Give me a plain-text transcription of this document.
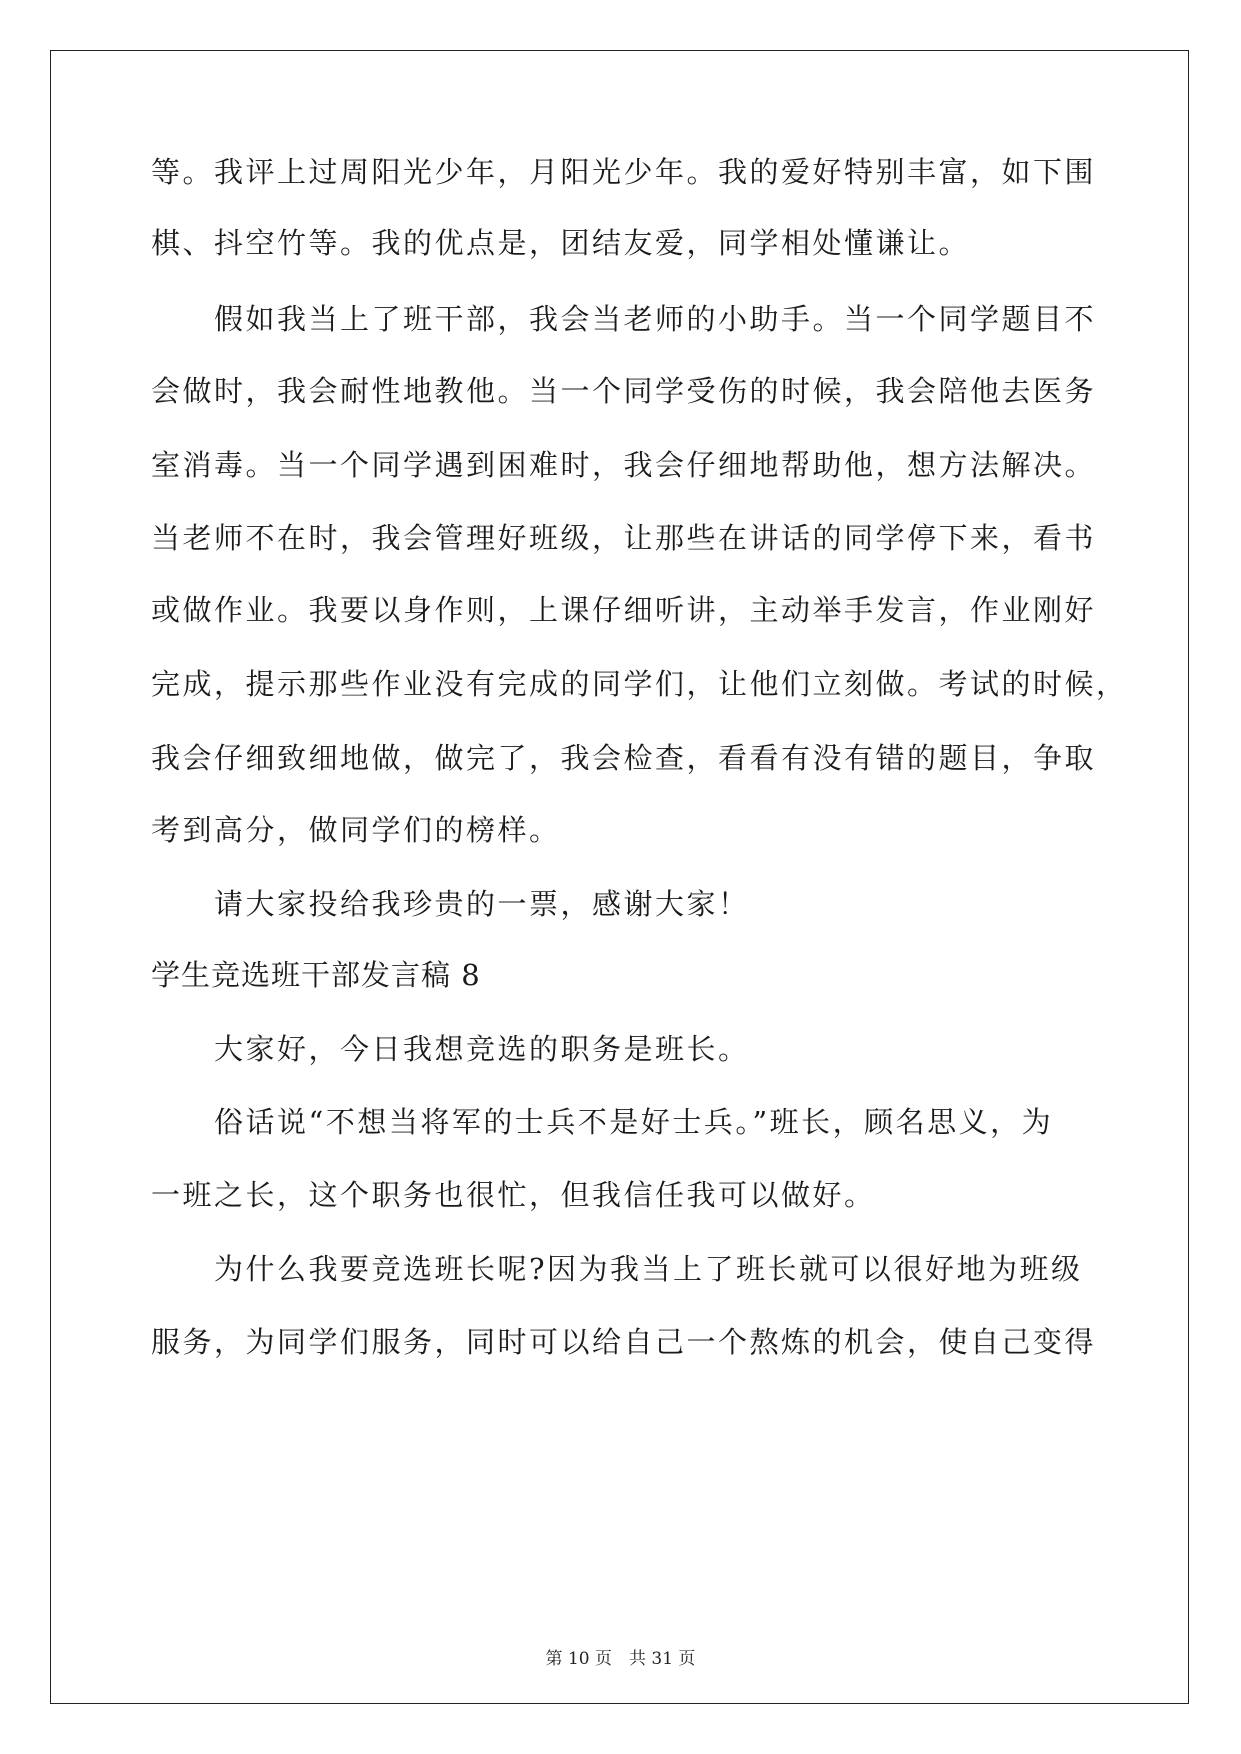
等。我评上过周阳光少年，月阳光少年。我的爱好特别丰富，如下围
棋、抖空竹等。我的优点是，团结友爱，同学相处懂谦让。
假如我当上了班干部，我会当老师的小助手。当一个同学题目不
会做时，我会耐性地教他。当一个同学受伤的时候，我会陪他去医务
室消毒。当一个同学遇到困难时，我会仔细地帮助他，想方法解决。
当老师不在时，我会管理好班级，让那些在讲话的同学停下来，看书
或做作业。我要以身作则，上课仔细听讲，主动举手发言，作业刚好
完成，提示那些作业没有完成的同学们，让他们立刻做。考试的时候，
我会仔细致细地做，做完了，我会检查，看看有没有错的题目，争取
考到高分，做同学们的榜样。
请大家投给我珍贵的一票，感谢大家！
学生竞选班干部发言稿 8
大家好，今日我想竞选的职务是班长。
俗话说“不想当将军的士兵不是好士兵。”班长，顾名思义，为
一班之长，这个职务也很忙，但我信任我可以做好。
为什么我要竞选班长呢?因为我当上了班长就可以很好地为班级
服务，为同学们服务，同时可以给自己一个熬炼的机会，使自己变得
第 10 页　共 31 页
